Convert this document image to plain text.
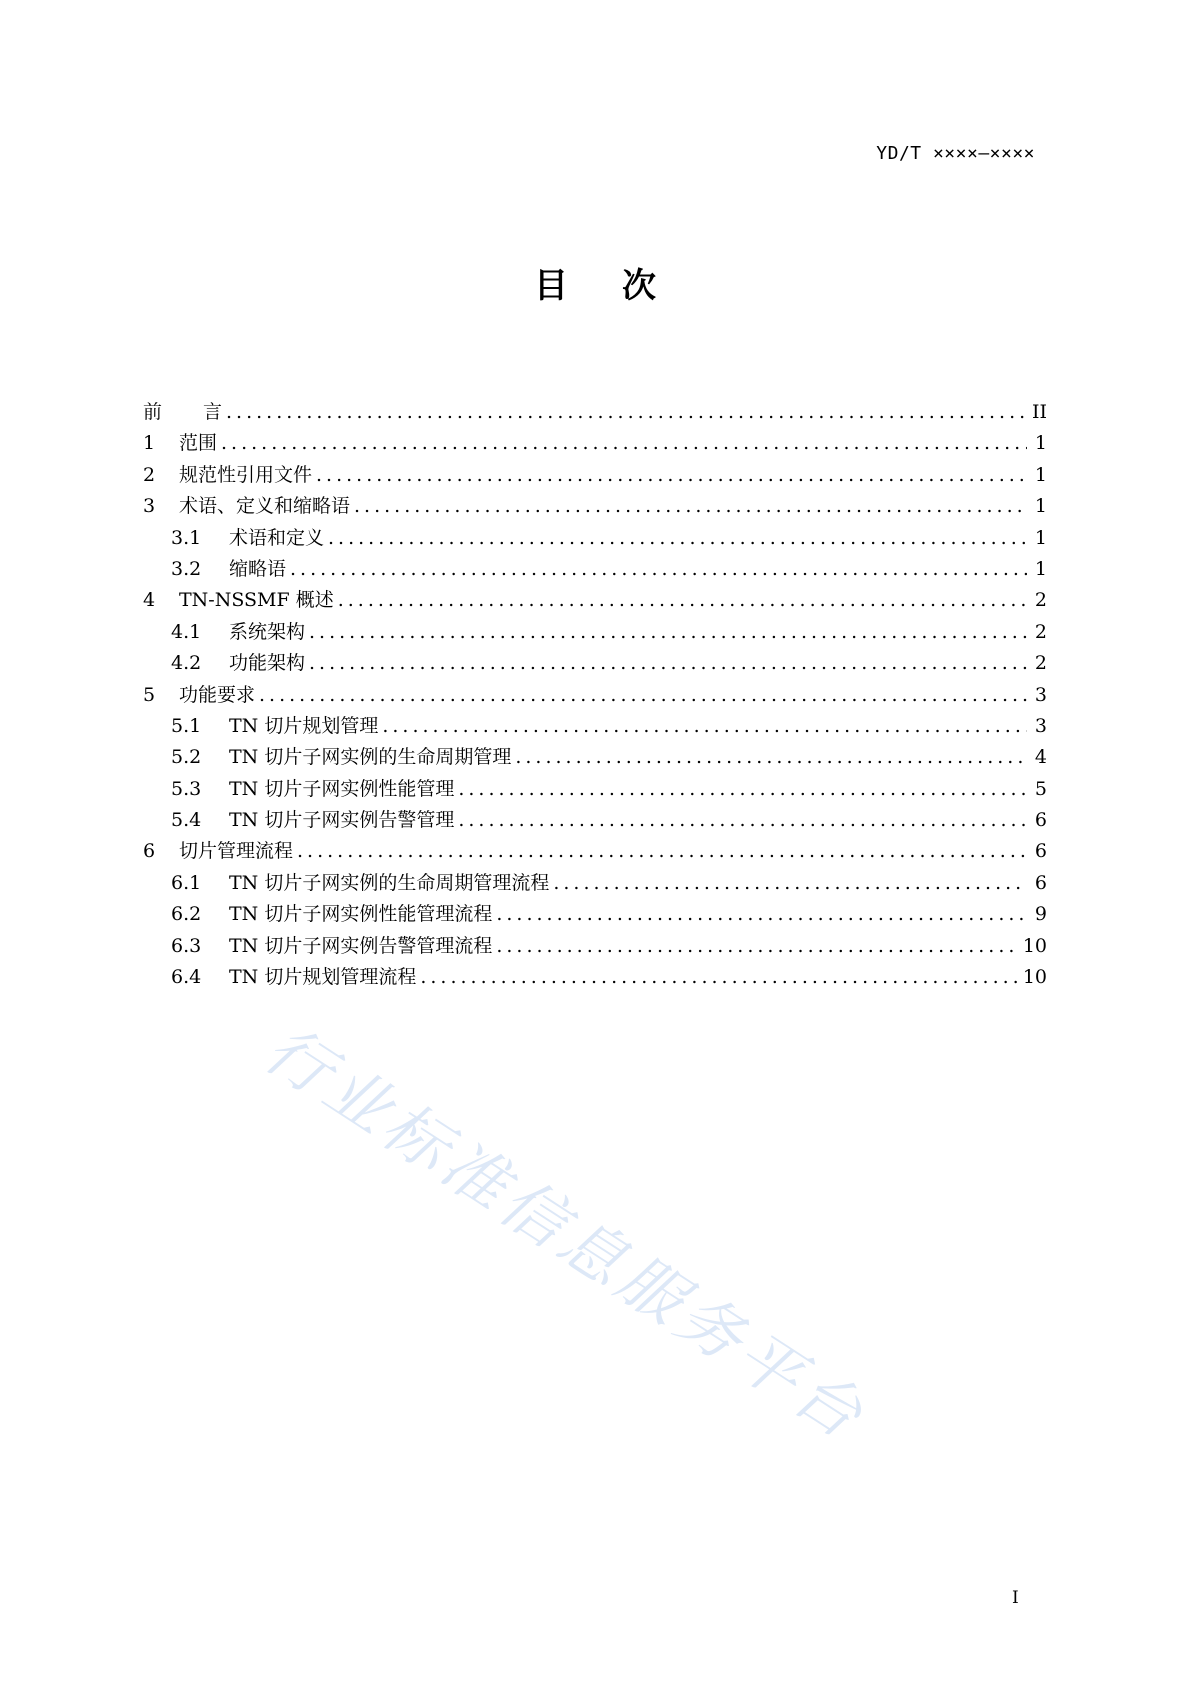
YD/T ××××—××××
目 次
前	言 .....	II
1	范围 .....	1
2	规范性引用文件 .....	1
3	术语、定义和缩略语 .....	1
3.1	术语和定义 .....	1
3.2	缩略语 .....	1
4	TN-NSSMF 概述 .....	2
4.1	系统架构 .....	2
4.2	功能架构 .....	2
5	功能要求 .....	3
5.1	TN 切片规划管理 .....	3
5.2	TN 切片子网实例的生命周期管理 .....	4
5.3	TN 切片子网实例性能管理 .....	5
5.4	TN 切片子网实例告警管理 .....	6
6	切片管理流程 .....	6
6.1	TN 切片子网实例的生命周期管理流程 .....	6
6.2	TN 切片子网实例性能管理流程 .....	9
6.3	TN 切片子网实例告警管理流程 .....	10
6.4	TN 切片规划管理流程 .....	10
行业标准信息服务平台
I
